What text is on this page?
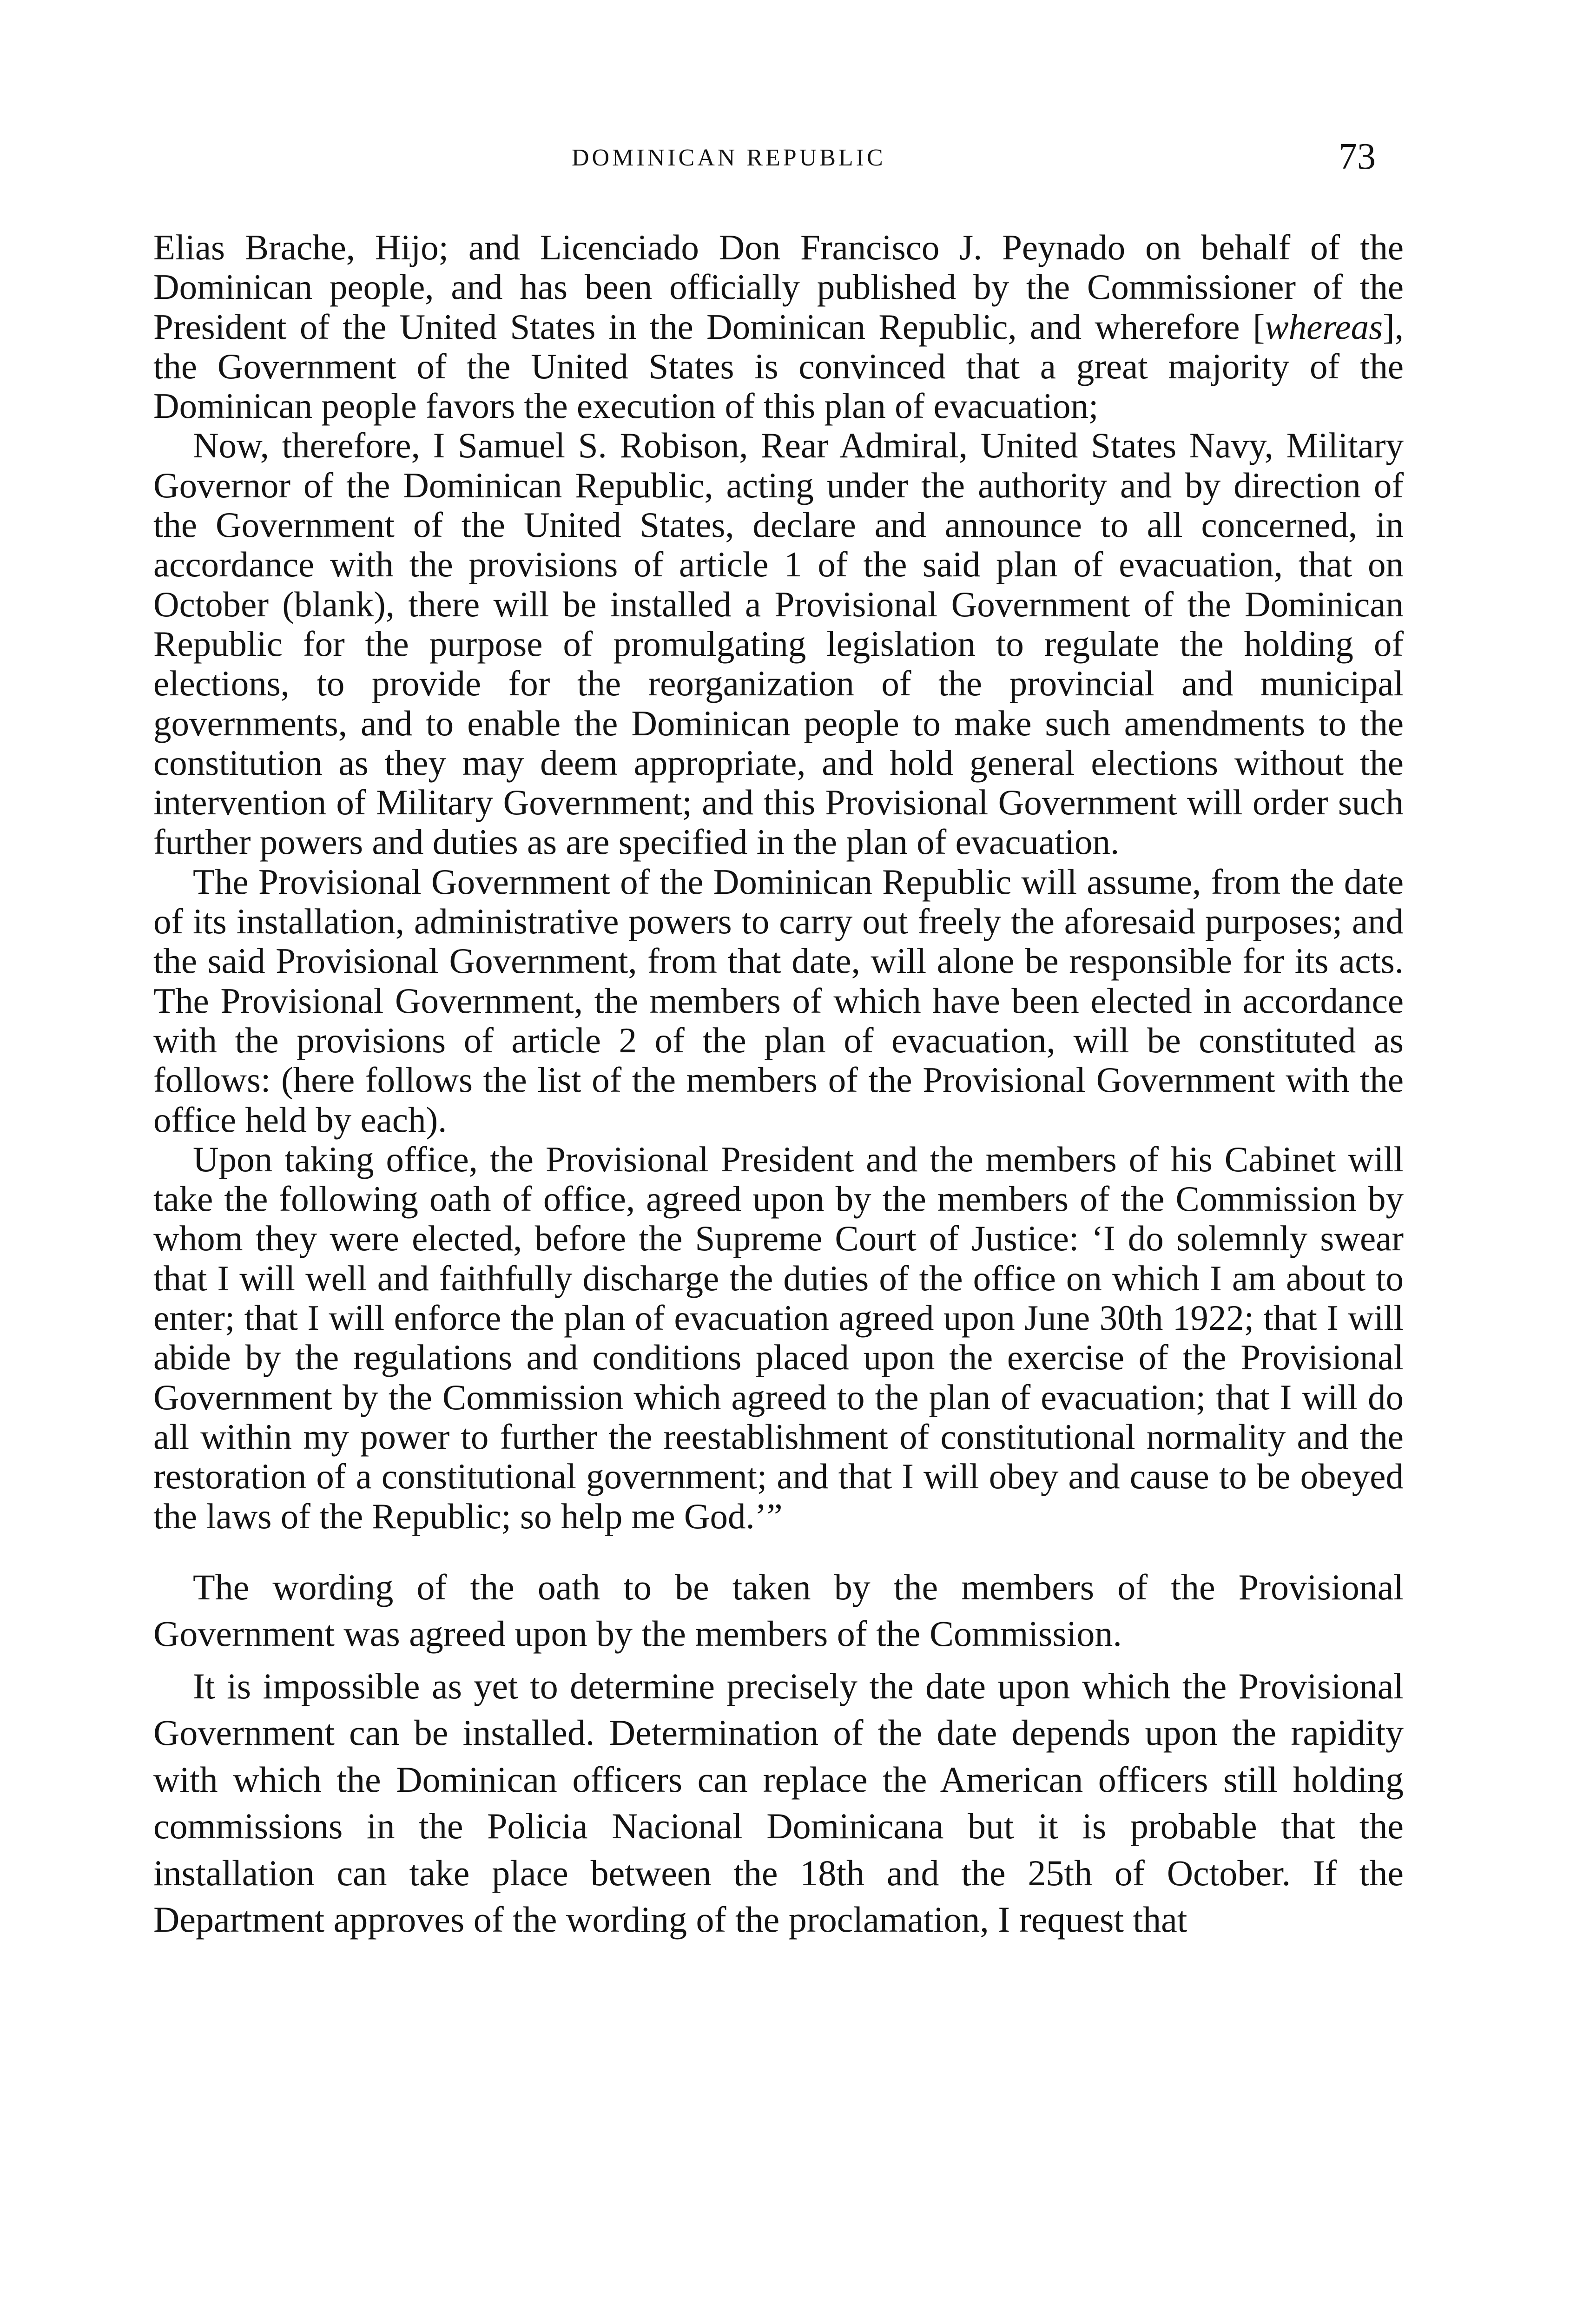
DOMINICAN REPUBLIC	73

Elias Brache, Hijo; and Licenciado Don Francisco J. Peynado on behalf of the Dominican people, and has been officially published by the Commissioner of the President of the United States in the Dominican Republic, and wherefore [whereas], the Government of the United States is convinced that a great majority of the Dominican people favors the execution of this plan of evacuation;

Now, therefore, I Samuel S. Robison, Rear Admiral, United States Navy, Military Governor of the Dominican Republic, acting under the authority and by direction of the Government of the United States, declare and announce to all concerned, in accordance with the provisions of article 1 of the said plan of evacuation, that on October (blank), there will be installed a Provisional Government of the Dominican Republic for the purpose of promulgating legislation to regulate the holding of elections, to provide for the reorganization of the provincial and municipal governments, and to enable the Dominican people to make such amendments to the constitution as they may deem appropriate, and hold general elections without the intervention of Military Government; and this Provisional Government will order such further powers and duties as are specified in the plan of evacuation.

The Provisional Government of the Dominican Republic will assume, from the date of its installation, administrative powers to carry out freely the aforesaid purposes; and the said Provisional Government, from that date, will alone be responsible for its acts. The Provisional Government, the members of which have been elected in accordance with the provisions of article 2 of the plan of evacuation, will be constituted as follows: (here follows the list of the members of the Provisional Government with the office held by each).

Upon taking office, the Provisional President and the members of his Cabinet will take the following oath of office, agreed upon by the members of the Commission by whom they were elected, before the Supreme Court of Justice: ‘I do solemnly swear that I will well and faithfully discharge the duties of the office on which I am about to enter; that I will enforce the plan of evacuation agreed upon June 30th 1922; that I will abide by the regulations and conditions placed upon the exercise of the Provisional Government by the Commission which agreed to the plan of evacuation; that I will do all within my power to further the reestablishment of constitutional normality and the restoration of a constitutional government; and that I will obey and cause to be obeyed the laws of the Republic; so help me God.’”

The wording of the oath to be taken by the members of the Provisional Government was agreed upon by the members of the Commission.

It is impossible as yet to determine precisely the date upon which the Provisional Government can be installed. Determination of the date depends upon the rapidity with which the Dominican officers can replace the American officers still holding commissions in the Policia Nacional Dominicana but it is probable that the installation can take place between the 18th and the 25th of October. If the Department approves of the wording of the proclamation, I request that
